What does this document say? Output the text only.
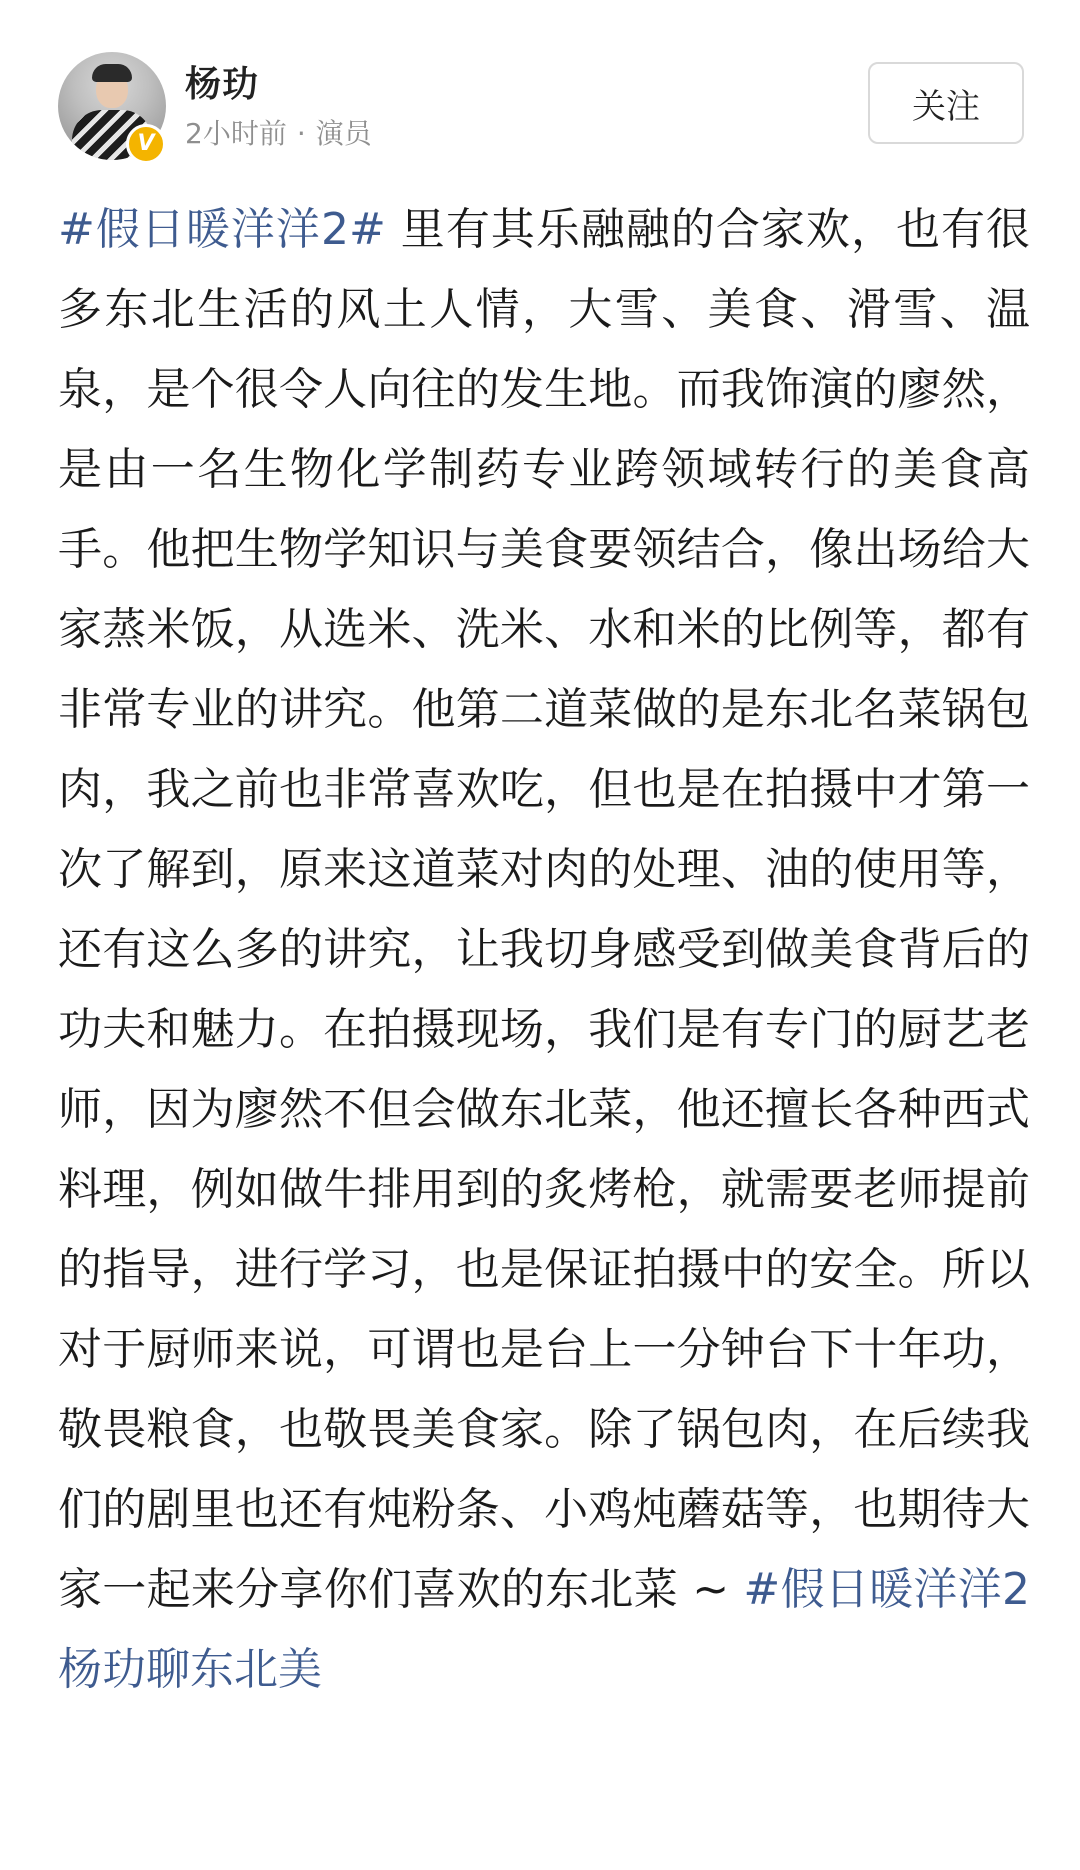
V
杨玏
2小时前 · 演员
关注
#假日暖洋洋2# 里有其乐融融的合家欢，也有很多东北生活的风土人情，大雪、美食、滑雪、温泉，是个很令人向往的发生地。而我饰演的廖然，是由一名生物化学制药专业跨领域转行的美食高手。他把生物学知识与美食要领结合，像出场给大家蒸米饭，从选米、洗米、水和米的比例等，都有非常专业的讲究。他第二道菜做的是东北名菜锅包肉，我之前也非常喜欢吃，但也是在拍摄中才第一次了解到，原来这道菜对肉的处理、油的使用等，还有这么多的讲究，让我切身感受到做美食背后的功夫和魅力。在拍摄现场，我们是有专门的厨艺老师，因为廖然不但会做东北菜，他还擅长各种西式料理，例如做牛排用到的炙烤枪，就需要老师提前的指导，进行学习，也是保证拍摄中的安全。所以对于厨师来说，可谓也是台上一分钟台下十年功，敬畏粮食，也敬畏美食家。除了锅包肉，在后续我们的剧里也还有炖粉条、小鸡炖蘑菇等，也期待大家一起来分享你们喜欢的东北菜 ~ #假日暖洋洋2杨玏聊东北美
